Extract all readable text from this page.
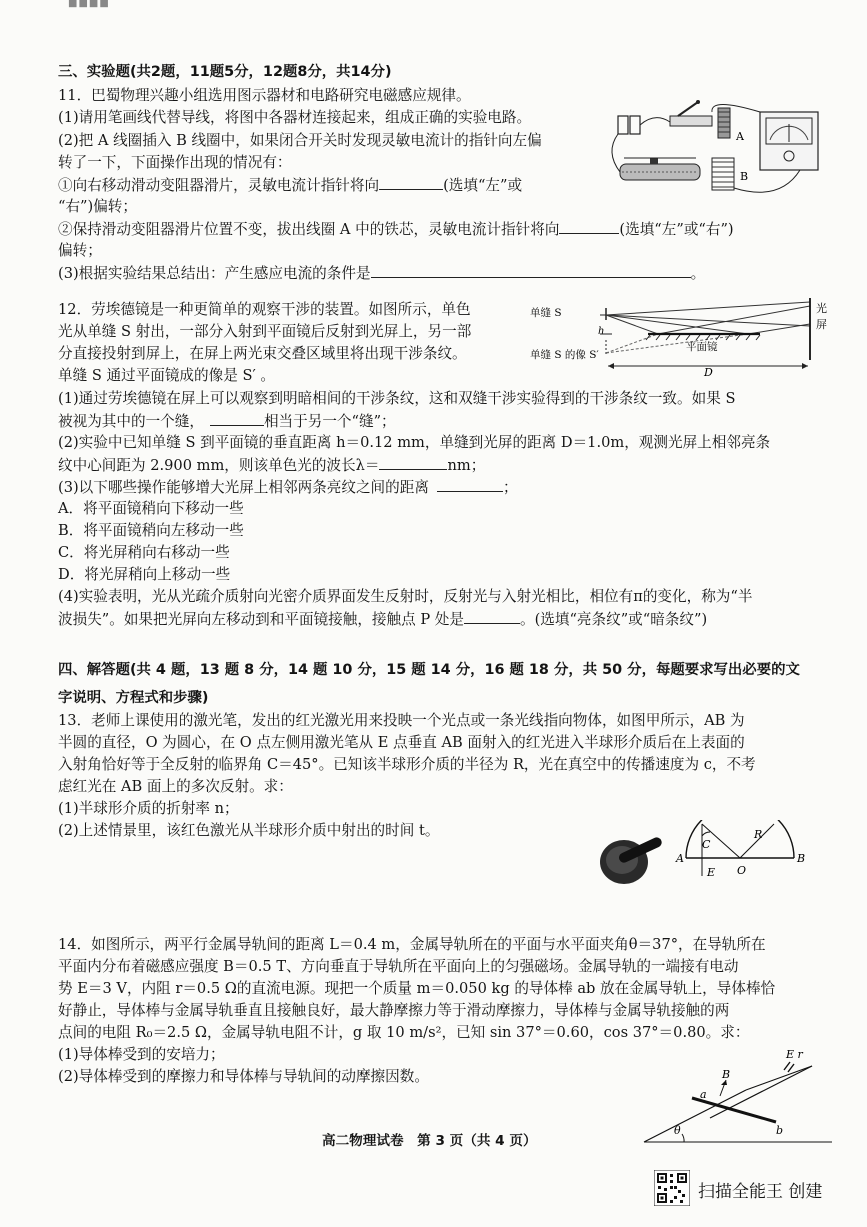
■■■■
三、实验题(共2题，11题5分，12题8分，共14分)
11．巴蜀物理兴趣小组选用图示器材和电路研究电磁感应规律。
(1)请用笔画线代替导线，将图中各器材连接起来，组成正确的实验电路。
(2)把 A 线圈插入 B 线圈中，如果闭合开关时发现灵敏电流计的指针向左偏
转了一下，下面操作出现的情况有：
①向右移动滑动变阻器滑片，灵敏电流计指针将向	(选填“左”或
“右”)偏转；
②保持滑动变阻器滑片位置不变，拔出线圈 A 中的铁芯，灵敏电流计指针将向	(选填“左”或“右”)
偏转；
(3)根据实验结果总结出：产生感应电流的条件是	。
A
B
12．劳埃德镜是一种更简单的观察干涉的装置。如图所示，单色
光从单缝 S 射出，一部分入射到平面镜后反射到光屏上，另一部
分直接投射到屏上，在屏上两光束交叠区域里将出现干涉条纹。
单缝 S 通过平面镜成的像是 S′ 。
(1)通过劳埃德镜在屏上可以观察到明暗相间的干涉条纹，这和双缝干涉实验得到的干涉条纹一致。如果 S
被视为其中的一个缝，	相当于另一个“缝”；
(2)实验中已知单缝 S 到平面镜的垂直距离 h＝0.12 mm，单缝到光屏的距离 D＝1.0m，观测光屏上相邻亮条
纹中心间距为 2.900 mm，则该单色光的波长λ＝	nm；
(3)以下哪些操作能够增大光屏上相邻两条亮纹之间的距离	；
A．将平面镜稍向下移动一些
B．将平面镜稍向左移动一些
C．将光屏稍向右移动一些
D．将光屏稍向上移动一些
(4)实验表明，光从光疏介质射向光密介质界面发生反射时，反射光与入射光相比，相位有π的变化，称为“半
波损失”。如果把光屏向左移动到和平面镜接触，接触点 P 处是	。(选填“亮条纹”或“暗条纹”)
单缝 S
单缝 S 的像 S′
h
平面镜
光
屏
D
四、解答题(共 4 题，13 题 8 分，14 题 10 分，15 题 14 分，16 题 18 分，共 50 分，每题要求写出必要的文
字说明、方程式和步骤)
13．老师上课使用的激光笔，发出的红光激光用来投映一个光点或一条光线指向物体，如图甲所示，AB 为
半圆的直径，O 为圆心，在 O 点左侧用激光笔从 E 点垂直 AB 面射入的红光进入半球形介质后在上表面的
入射角恰好等于全反射的临界角 C＝45°。已知该半球形介质的半径为 R，光在真空中的传播速度为 c，不考
虑红光在 AB 面上的多次反射。求：
(1)半球形介质的折射率 n；
(2)上述情景里，该红色激光从半球形介质中射出的时间 t。
C
R
A	B
O
E
14．如图所示，两平行金属导轨间的距离 L＝0.4 m，金属导轨所在的平面与水平面夹角θ＝37°，在导轨所在
平面内分布着磁感应强度 B＝0.5 T、方向垂直于导轨所在平面向上的匀强磁场。金属导轨的一端接有电动
势 E＝3 V，内阻 r＝0.5 Ω的直流电源。现把一个质量 m＝0.050 kg 的导体棒 ab 放在金属导轨上，导体棒恰
好静止，导体棒与金属导轨垂直且接触良好，最大静摩擦力等于滑动摩擦力，导体棒与金属导轨接触的两
点间的电阻 R₀＝2.5 Ω，金属导轨电阻不计，g 取 10 m/s²，已知 sin 37°＝0.60，cos 37°＝0.80。求：
(1)导体棒受到的安培力；
(2)导体棒受到的摩擦力和导体棒与导轨间的动摩擦因数。
θ
a
b
B
E r
高二物理试卷　第 3 页（共 4 页）
扫描全能王 创建
